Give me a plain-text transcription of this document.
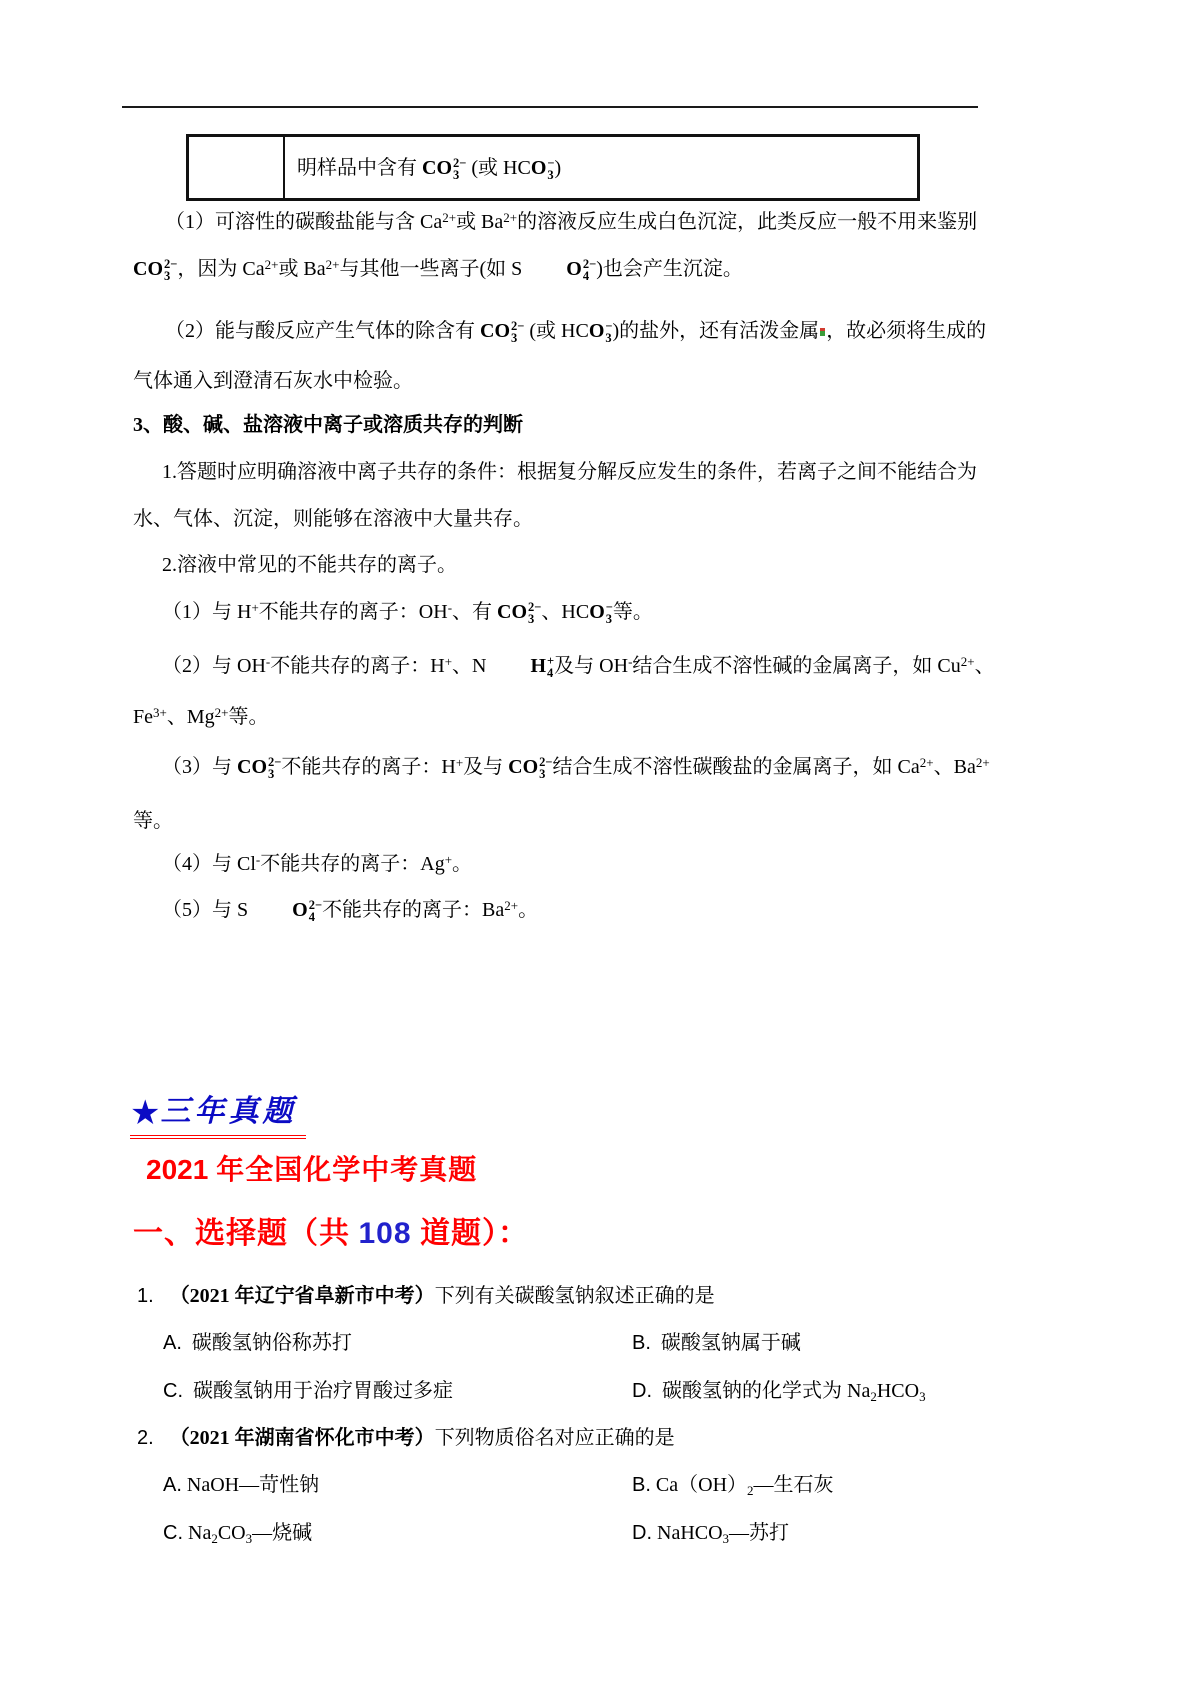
明样品中含有 CO 2−
3 (或 HC O −
3 )
（1）可溶性的碳酸盐能与含 $Ca^{2+}$或 $Ba^{2+}$的溶液反应生成白色沉淀，此类反应一般不用来鉴别
CO 2−
3 ，因为 $Ca^{2+}$或 $Ba^{2+}$与其他一些离子(如 S O 2−
4 )也会产生沉淀。
（2）能与酸反应产生气体的除含有 CO 2−
3 (或 HC O −
3 )的盐外，还有活泼金属 ，故必须将生成的
气体通入到澄清石灰水中检验。
3、酸、碱、盐溶液中离子或溶质共存的判断
1.答题时应明确溶液中离子共存的条件：根据复分解反应发生的条件，若离子之间不能结合为
水、气体、沉淀，则能够在溶液中大量共存。
2.溶液中常见的不能共存的离子。
（1）与 H+不能共存的离子：OH-、有 CO 2−
3 、HC O −
3 等。
（2）与 OH-不能共存的离子：H+、N H +
4 及与 OH-结合生成不溶性碱的金属离子，如 $Cu^{2+}$、
$Fe^{3+}$、$Mg^{2+}$等。
（3）与 CO 2−
3 不能共存的离子：H+及与 CO 2−
3 结合生成不溶性碳酸盐的金属离子，如 $Ca^{2+}$、$Ba^{2+}$
等。
（4）与 Cl-不能共存的离子：Ag+。
（5）与 S O 2−
4 不能共存的离子：$Ba^{2+}$。
★三年真题
2021 年全国化学中考真题
一、选择题（共 108 道题）：
1. （2021 年辽宁省阜新市中考）下列有关碳酸氢钠叙述正确的是
A. 碳酸氢钠俗称苏打	B. 碳酸氢钠属于碱
C. 碳酸氢钠用于治疗胃酸过多症	D. 碳酸氢钠的化学式为 $Na_2HCO_3$
2. （2021 年湖南省怀化市中考）下列物质俗名对应正确的是
A. NaOH—苛性钠	B. $Ca(OH)_2—$生石灰
C. $Na_2CO_3—$烧碱	D. NaHCO$_3$—苏打
